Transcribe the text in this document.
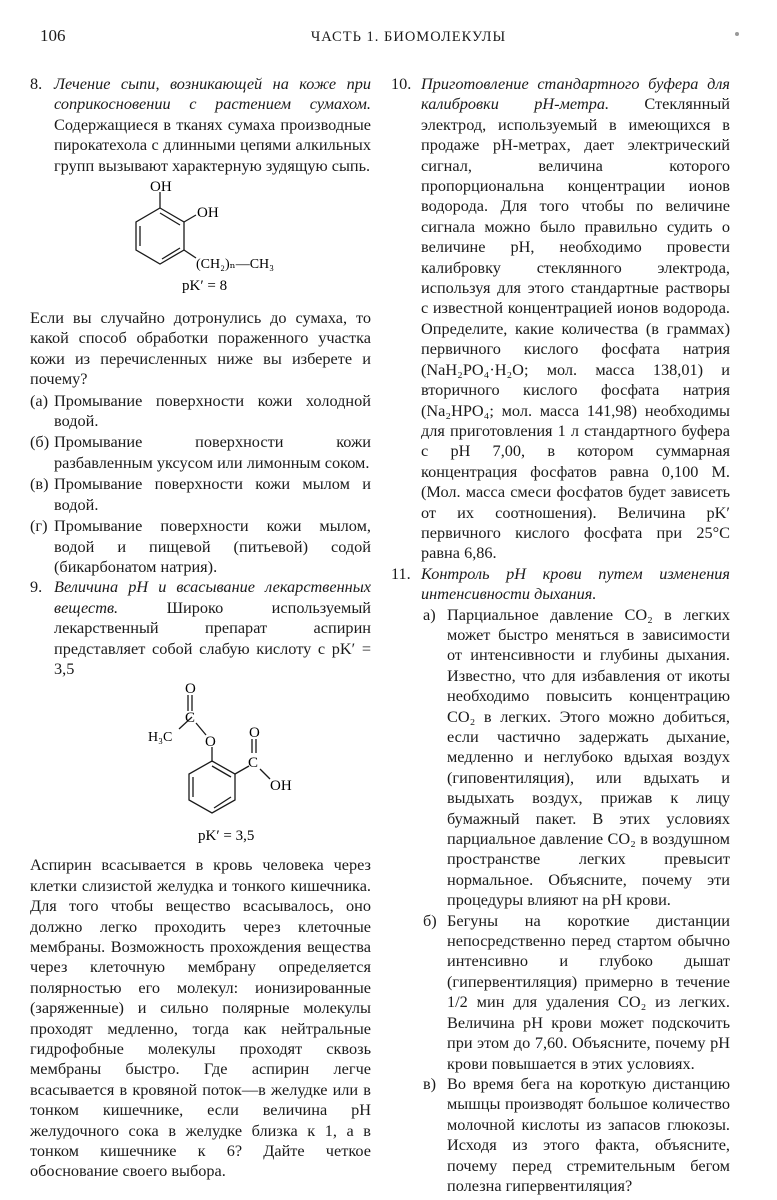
106	ЧАСТЬ 1. БИОМОЛЕКУЛЫ
8. Лечение сыпи, возникающей на коже при соприкосновении с растением сумахом. Содержащиеся в тканях сумаха производные пирокатехола с длинными цепями алкильных групп вызывают характерную зудящую сыпь.

OH
OH
(CH₂)ₙ—CH₃
pK′ = 8

Если вы случайно дотронулись до сумаха, то какой способ обработки пораженного участка кожи из перечисленных ниже вы изберете и почему?

(а) Промывание поверхности кожи холодной водой.
(б) Промывание поверхности кожи разбавленным уксусом или лимонным соком.
(в) Промывание поверхности кожи мылом и водой.
(г) Промывание поверхности кожи мылом, водой и пищевой (питьевой) содой (бикарбонатом натрия).
9. Величина pH и всасывание лекарственных веществ.	Широко используемый лекарственный препарат аспирин представляет собой слабую кислоту с pK′ = 3,5

O
C
H₃C O
O
C
OH
pK′ = 3,5

Аспирин всасывается в кровь человека через клетки слизистой желудка и тонкого кишечника. Для того чтобы вещество всасывалось, оно должно легко проходить через клеточные мембраны. Возможность прохождения вещества через клеточную мембрану определяется полярностью его молекул: ионизированные (заряженные) и сильно полярные молекулы проходят медленно, тогда как нейтральные гидрофобные молекулы проходят сквозь мембраны быстро. Где аспирин легче всасывается в кровяной поток—в желудке или в тонком кишечнике, если величина pH желудочного сока в желудке близка к 1, а в тонком кишечнике к 6? Дайте четкое обоснование своего выбора.

10. Приготовление стандартного буфера для калибровки pH-метра. Стеклянный электрод, используемый в имеющихся в продаже pH-метрах, дает электрический сигнал, величина которого пропорциональна концентрации ионов водорода. Для того чтобы по величине сигнала можно было правильно судить о величине pH, необходимо провести калибровку стеклянного электрода, используя для этого стандартные растворы с известной концентрацией ионов водорода. Определите, какие количества (в граммах) первичного кислого фосфата натрия (NaH₂PO₄·H₂O; мол. масса 138,01) и вторичного кислого фосфата натрия (Na₂HPO₄; мол. масса 141,98) необходимы для приготовления 1 л стандартного буфера с pH 7,00, в котором суммарная концентрация фосфатов равна 0,100 М. (Мол. масса смеси фосфатов будет зависеть от их соотношения). Величина pK′ первичного кислого фосфата при 25°C равна 6,86.

11. Контроль pH крови путем изменения интенсивности дыхания.

а) Парциальное давление CO₂ в легких может быстро меняться в зависимости от интенсивности и глубины дыхания. Известно, что для избавления от икоты необходимо повысить концентрацию CO₂ в легких. Этого можно добиться, если частично задержать дыхание, медленно и неглубоко вдыхая воздух (гиповентиляция), или вдыхать и выдыхать воздух, прижав к лицу бумажный пакет. В этих условиях парциальное давление CO₂ в воздушном пространстве легких превысит нормальное. Объясните, почему эти процедуры влияют на pH крови.
б) Бегуны на короткие дистанции непосредственно перед стартом обычно интенсивно и глубоко дышат (гипервентиляция) примерно в течение 1/2 мин для удаления CO₂ из легких. Величина pH крови может подскочить при этом до 7,60. Объясните, почему pH крови повышается в этих условиях.
в) Во время бега на короткую дистанцию мышцы производят большое количество молочной кислоты из запасов глюкозы. Исходя из этого факта, объясните, почему перед стремительным бегом полезна гипервентиляция?
